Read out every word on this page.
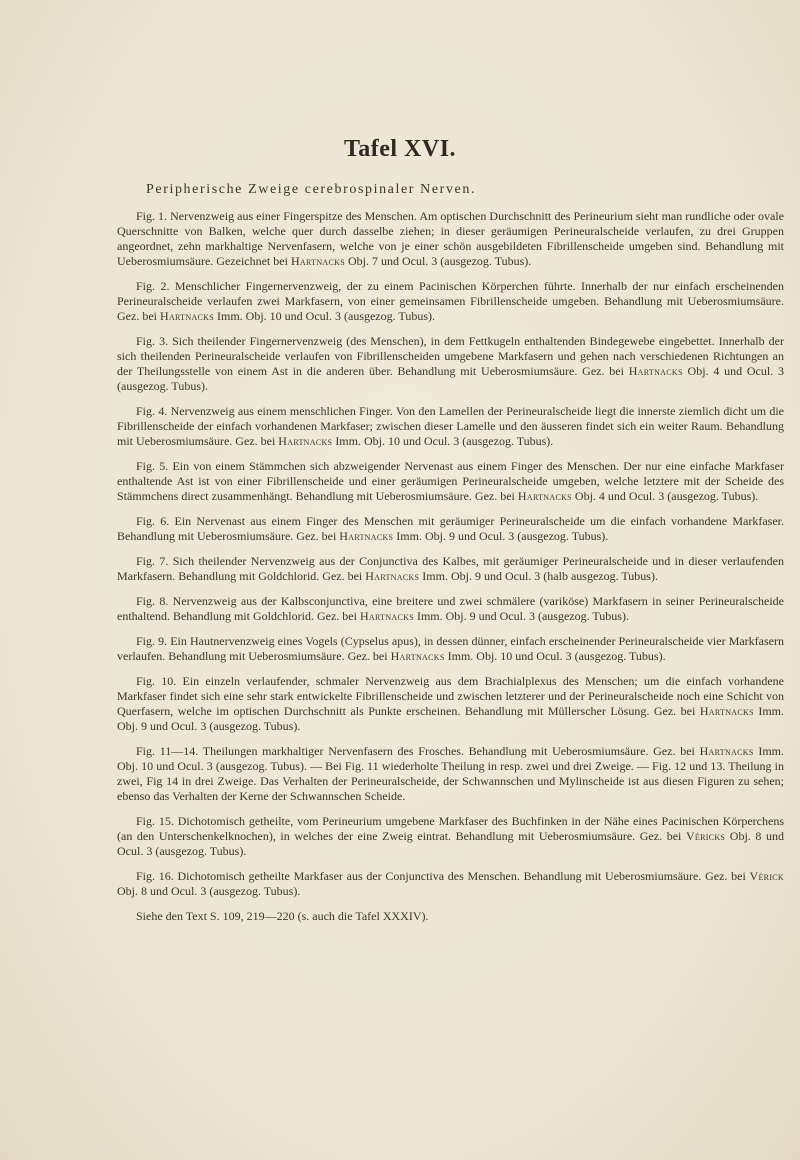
Tafel XVI.
Peripherische Zweige cerebrospinaler Nerven.

Fig. 1. Nervenzweig aus einer Fingerspitze des Menschen. Am optischen Durchschnitt des Perineurium sieht man rundliche oder ovale Querschnitte von Balken, welche quer durch dasselbe ziehen; in dieser geräumigen Perineuralscheide verlaufen, zu drei Gruppen angeordnet, zehn markhaltige Nervenfasern, welche von je einer schön ausgebildeten Fibrillenscheide umgeben sind. Behandlung mit Ueberosmiumsäure. Gezeichnet bei Hartnacks Obj. 7 und Ocul. 3 (ausgezog. Tubus).

Fig. 2. Menschlicher Fingernervenzweig, der zu einem Pacinischen Körperchen führte. Innerhalb der nur einfach erscheinenden Perineuralscheide verlaufen zwei Markfasern, von einer gemeinsamen Fibrillenscheide umgeben. Behandlung mit Ueberosmiumsäure. Gez. bei Hartnacks Imm. Obj. 10 und Ocul. 3 (ausgezog. Tubus).

Fig. 3. Sich theilender Fingernervenzweig (des Menschen), in dem Fettkugeln enthaltenden Bindegewebe eingebettet. Innerhalb der sich theilenden Perineuralscheide verlaufen von Fibrillenscheiden umgebene Markfasern und gehen nach verschiedenen Richtungen an der Theilungsstelle von einem Ast in die anderen über. Behandlung mit Ueberosmiumsäure. Gez. bei Hartnacks Obj. 4 und Ocul. 3 (ausgezog. Tubus).

Fig. 4. Nervenzweig aus einem menschlichen Finger. Von den Lamellen der Perineuralscheide liegt die innerste ziemlich dicht um die Fibrillenscheide der einfach vorhandenen Markfaser; zwischen dieser Lamelle und den äusseren findet sich ein weiter Raum. Behandlung mit Ueberosmiumsäure. Gez. bei Hartnacks Imm. Obj. 10 und Ocul. 3 (ausgezog. Tubus).

Fig. 5. Ein von einem Stämmchen sich abzweigender Nervenast aus einem Finger des Menschen. Der nur eine einfache Markfaser enthaltende Ast ist von einer Fibrillenscheide und einer geräumigen Perineuralscheide umgeben, welche letztere mit der Scheide des Stämmchens direct zusammenhängt. Behandlung mit Ueberosmiumsäure. Gez. bei Hartnacks Obj. 4 und Ocul. 3 (ausgezog. Tubus).

Fig. 6. Ein Nervenast aus einem Finger des Menschen mit geräumiger Perineuralscheide um die einfach vorhandene Markfaser. Behandlung mit Ueberosmiumsäure. Gez. bei Hartnacks Imm. Obj. 9 und Ocul. 3 (ausgezog. Tubus).

Fig. 7. Sich theilender Nervenzweig aus der Conjunctiva des Kalbes, mit geräumiger Perineuralscheide und in dieser verlaufenden Markfasern. Behandlung mit Goldchlorid. Gez. bei Hartnacks Imm. Obj. 9 und Ocul. 3 (halb ausgezog. Tubus).

Fig. 8. Nervenzweig aus der Kalbsconjunctiva, eine breitere und zwei schmälere (variköse) Markfasern in seiner Perineuralscheide enthaltend. Behandlung mit Goldchlorid. Gez. bei Hartnacks Imm. Obj. 9 und Ocul. 3 (ausgezog. Tubus).

Fig. 9. Ein Hautnervenzweig eines Vogels (Cypselus apus), in dessen dünner, einfach erscheinender Perineuralscheide vier Markfasern verlaufen. Behandlung mit Ueberosmiumsäure. Gez. bei Hartnacks Imm. Obj. 10 und Ocul. 3 (ausgezog. Tubus).

Fig. 10. Ein einzeln verlaufender, schmaler Nervenzweig aus dem Brachialplexus des Menschen; um die einfach vorhandene Markfaser findet sich eine sehr stark entwickelte Fibrillenscheide und zwischen letzterer und der Perineuralscheide noch eine Schicht von Querfasern, welche im optischen Durchschnitt als Punkte erscheinen. Behandlung mit Müllerscher Lösung. Gez. bei Hartnacks Imm. Obj. 9 und Ocul. 3 (ausgezog. Tubus).

Fig. 11—14. Theilungen markhaltiger Nervenfasern des Frosches. Behandlung mit Ueberosmiumsäure. Gez. bei Hartnacks Imm. Obj. 10 und Ocul. 3 (ausgezog. Tubus). — Bei Fig. 11 wiederholte Theilung in resp. zwei und drei Zweige. — Fig. 12 und 13. Theilung in zwei, Fig 14 in drei Zweige. Das Verhalten der Perineuralscheide, der Schwannschen und Mylinscheide ist aus diesen Figuren zu sehen; ebenso das Verhalten der Kerne der Schwannschen Scheide.

Fig. 15. Dichotomisch getheilte, vom Perineurium umgebene Markfaser des Buchfinken in der Nähe eines Pacinischen Körperchens (an den Unterschenkelknochen), in welches der eine Zweig eintrat. Behandlung mit Ueberosmiumsäure. Gez. bei Véricks Obj. 8 und Ocul. 3 (ausgezog. Tubus).

Fig. 16. Dichotomisch getheilte Markfaser aus der Conjunctiva des Menschen. Behandlung mit Ueberosmiumsäure. Gez. bei Vérick Obj. 8 und Ocul. 3 (ausgezog. Tubus).

Siehe den Text S. 109, 219—220 (s. auch die Tafel XXXIV).
